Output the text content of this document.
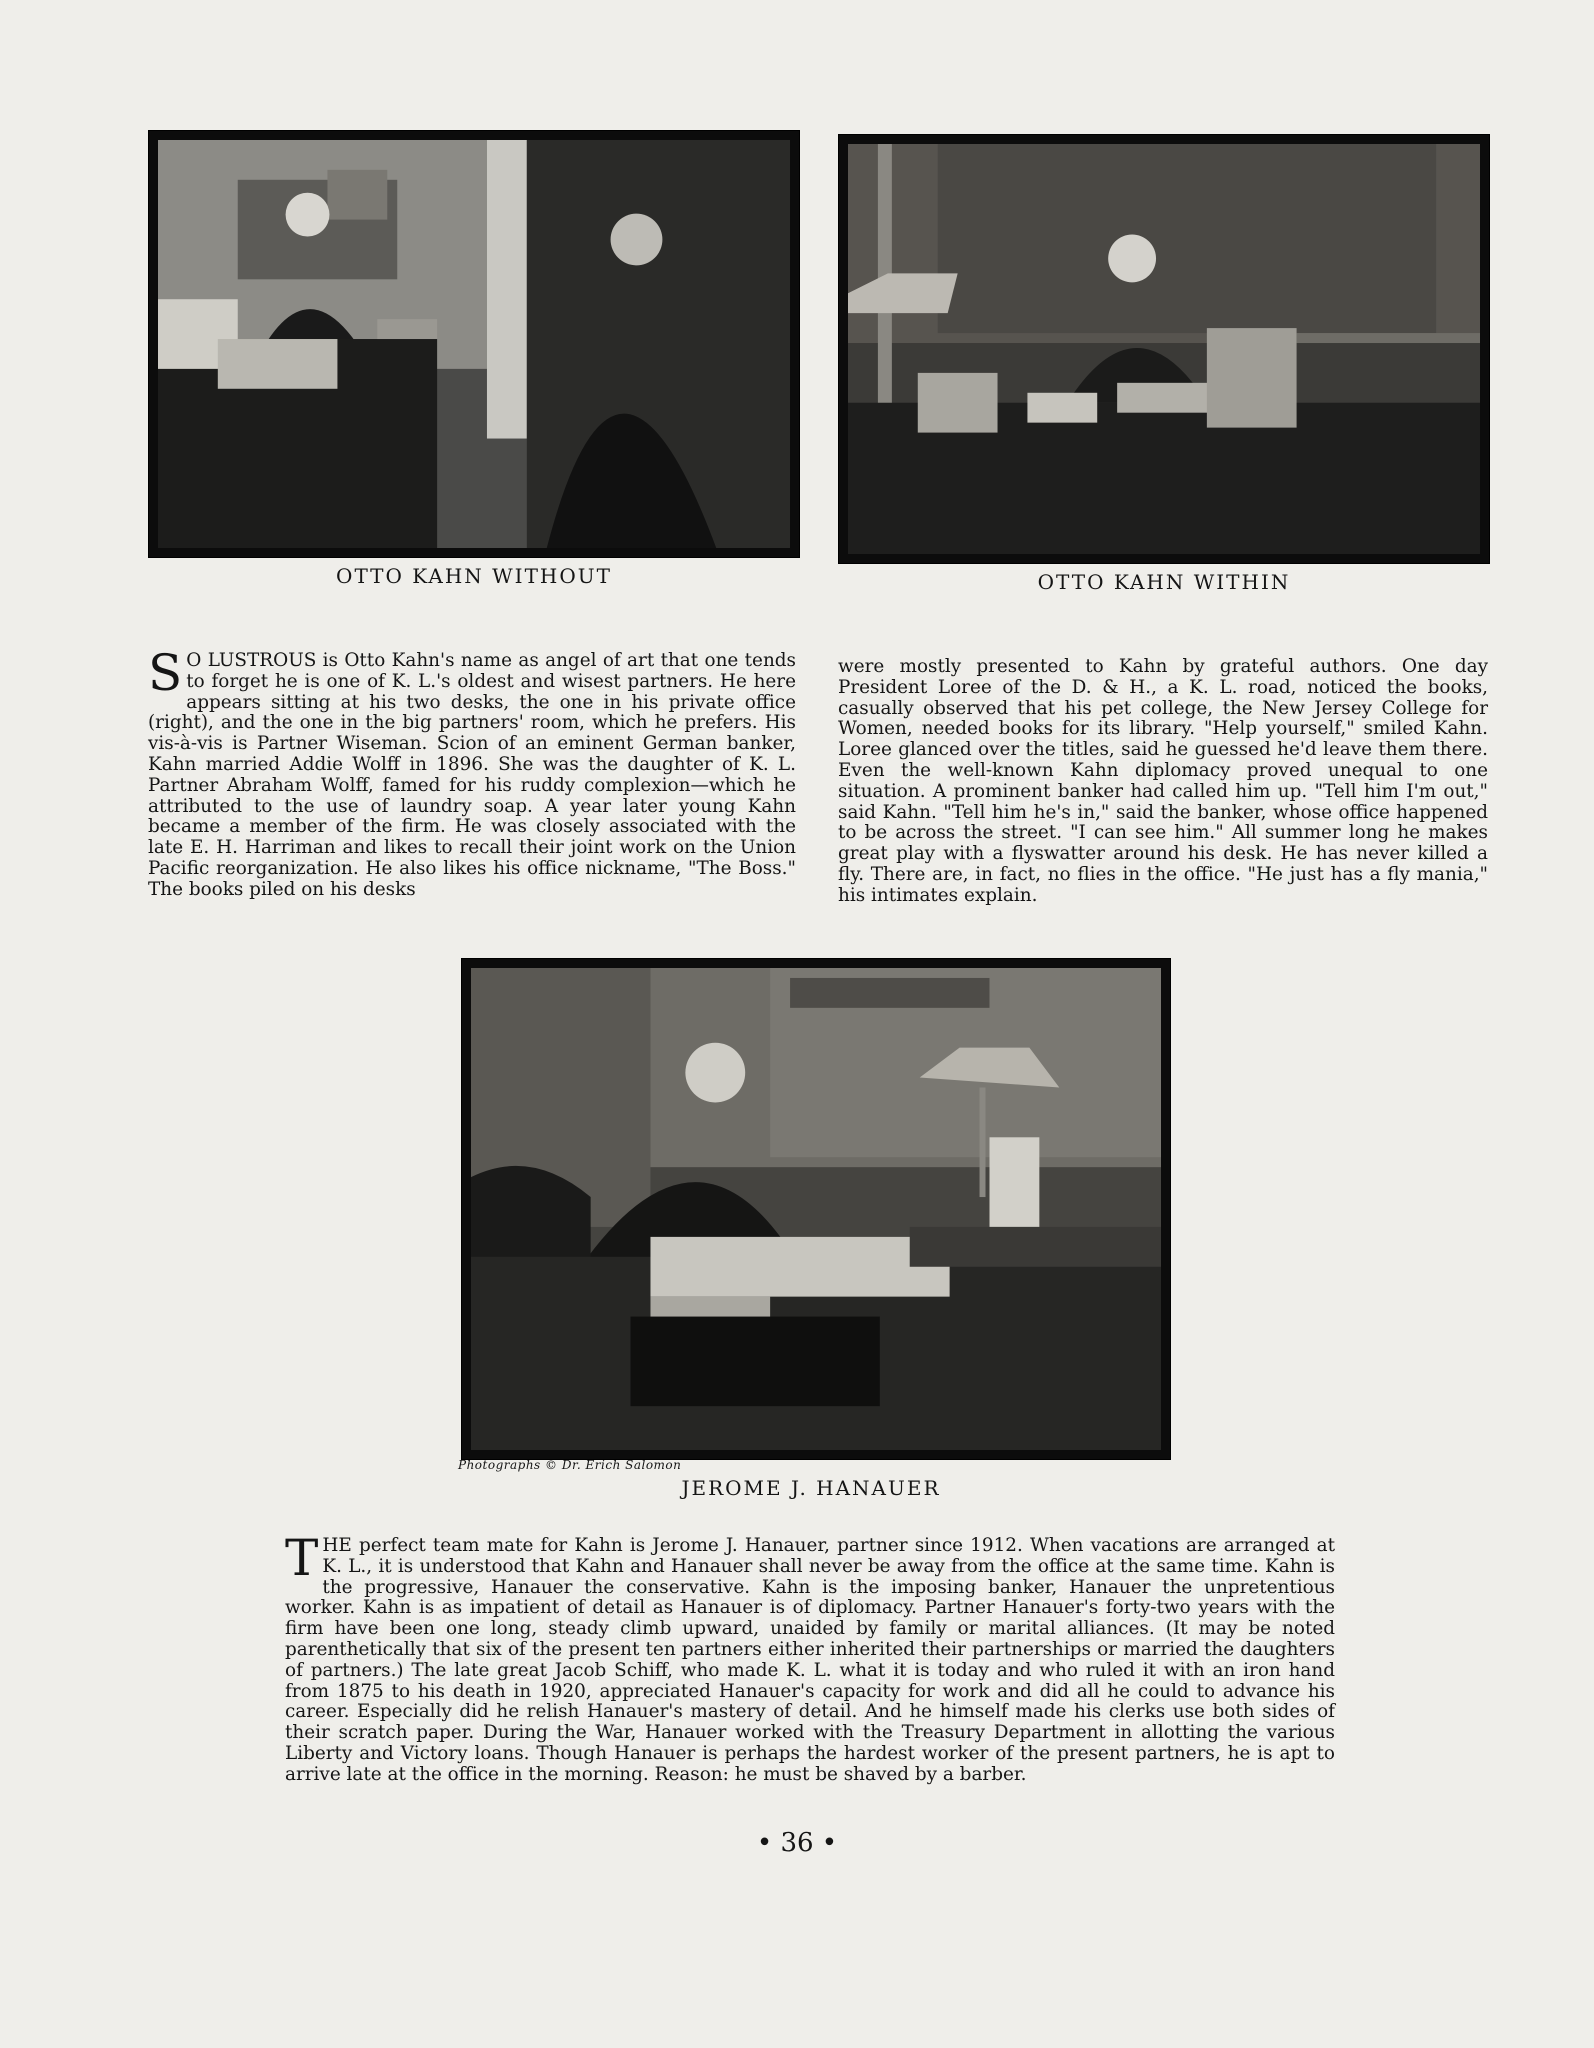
OTTO KAHN WITHOUT	OTTO KAHN WITHIN
S O LUSTROUS is Otto Kahn's name as angel of art that one tends to forget he is one of K. L.'s oldest and wisest partners. He here appears sitting at his two desks, the one in his private office (right), and the one in the big partners' room, which he prefers. His vis-à-vis is Partner Wiseman. Scion of an eminent German banker, Kahn married Addie Wolff in 1896. She was the daughter of K. L. Partner Abraham Wolff, famed for his ruddy complexion—which he attributed to the use of laundry soap. A year later young Kahn became a member of the firm. He was closely associated with the late E. H. Harriman and likes to recall their joint work on the Union Pacific reorganization. He also likes his office nickname, "The Boss." The books piled on his desks
were mostly presented to Kahn by grateful authors. One day President Loree of the D. & H., a K. L. road, noticed the books, casually observed that his pet college, the New Jersey College for Women, needed books for its library. "Help yourself," smiled Kahn. Loree glanced over the titles, said he guessed he'd leave them there. Even the well-known Kahn diplomacy proved unequal to one situation. A prominent banker had called him up. "Tell him I'm out," said Kahn. "Tell him he's in," said the banker, whose office happened to be across the street. "I can see him." All summer long he makes great play with a flyswatter around his desk. He has never killed a fly. There are, in fact, no flies in the office. "He just has a fly mania," his intimates explain.
Photographs © Dr. Erich Salomon
JEROME J. HANAUER
THE perfect team mate for Kahn is Jerome J. Hanauer, partner since 1912. When vacations are arranged at K. L., it is understood that Kahn and Hanauer shall never be away from the office at the same time. Kahn is the progressive, Hanauer the conservative. Kahn is the imposing banker, Hanauer the unpretentious worker. Kahn is as impatient of detail as Hanauer is of diplomacy. Partner Hanauer's forty-two years with the firm have been one long, steady climb upward, unaided by family or marital alliances. (It may be noted parenthetically that six of the present ten partners either inherited their partnerships or married the daughters of partners.) The late great Jacob Schiff, who made K. L. what it is today and who ruled it with an iron hand from 1875 to his death in 1920, appreciated Hanauer's capacity for work and did all he could to advance his career. Especially did he relish Hanauer's mastery of detail. And he himself made his clerks use both sides of their scratch paper. During the War, Hanauer worked with the Treasury Department in allotting the various Liberty and Victory loans. Though Hanauer is perhaps the hardest worker of the present partners, he is apt to arrive late at the office in the morning. Reason: he must be shaved by a barber.
• 36 •
